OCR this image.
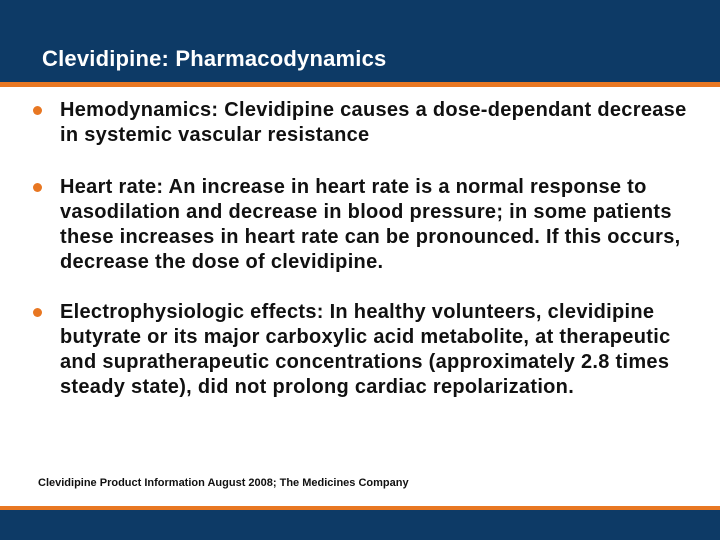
Clevidipine: Pharmacodynamics
Hemodynamics: Clevidipine causes a dose-dependant decrease in systemic vascular resistance
Heart rate: An increase in heart rate is a normal response to vasodilation and decrease in blood pressure; in some patients these increases in heart rate can be pronounced. If this occurs, decrease the dose of clevidipine.
Electrophysiologic effects: In healthy volunteers, clevidipine butyrate or its major carboxylic acid metabolite, at therapeutic and supratherapeutic concentrations (approximately 2.8 times steady state), did not prolong cardiac repolarization.
Clevidipine Product Information August 2008; The Medicines Company
